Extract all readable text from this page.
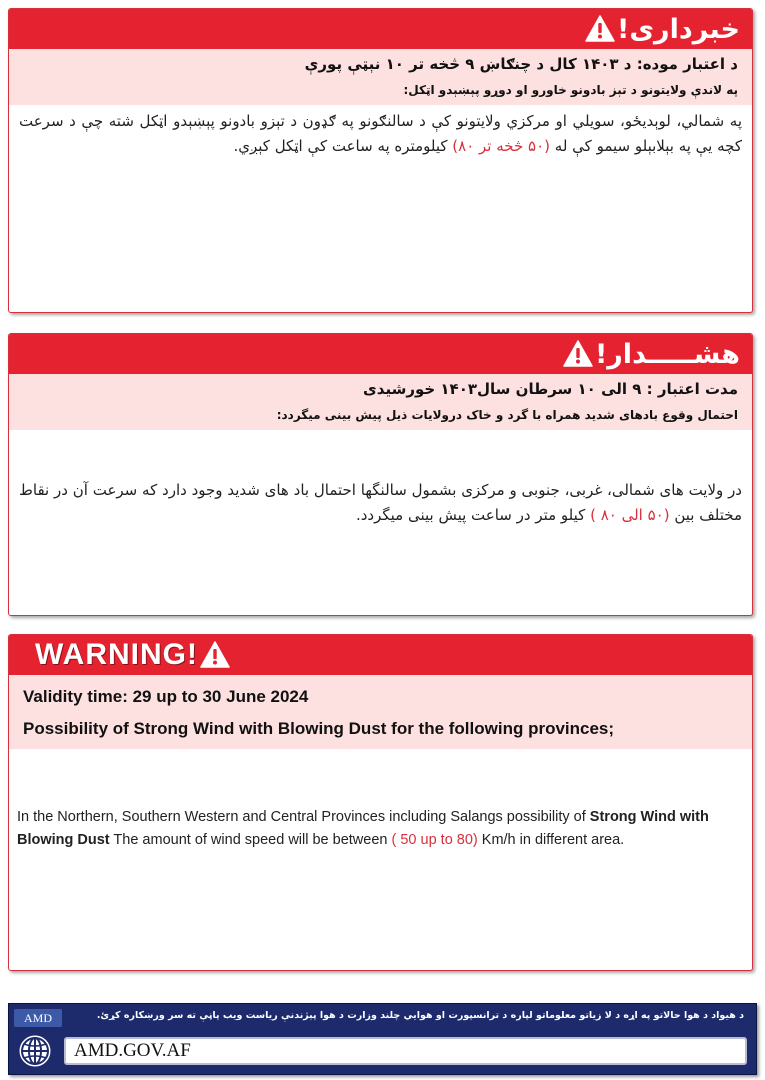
خبرداری!
د اعتبار موده: د ۱۴۰۳ کال د چنګاښ ۹ څخه تر ۱۰ نېټې پورې
په لاندې ولایتونو د تېز بادونو خاورو او دوړو پېښېدو اټکل:

په شمالي، لوېدیځو، سویلي او مرکزي ولایتونو کې د سالنګونو په ګډون د تېزو بادونو پېښېدو اټکل شته چې د سرعت کچه یې په بېلابېلو سیمو کې له (۵۰ څخه تر ۸۰) کیلومتره په ساعت کې اټکل کېږي.

هشـــــدار!
مدت اعتبار : ۹ الی ۱۰ سرطان سال۱۴۰۳ خورشیدی
احتمال وقوع بادهای شدید همراه با گرد و خاک درولایات ذیل پیش بینی میگردد:

در ولایت های شمالی، غربی، جنوبی و مرکزی بشمول سالنگها احتمال باد های شدید وجود دارد که سرعت آن در نقاط مختلف بین (۵۰ الی ۸۰ ) کیلو متر در ساعت پیش بینی میگردد.

WARNING!
Validity time: 29 up to 30 June 2024
Possibility of Strong Wind with Blowing Dust for the following provinces;

In the Northern, Southern Western and Central Provinces including Salangs possibility of Strong Wind with Blowing Dust The amount of wind speed will be between ( 50 up to 80) Km/h in different area.

AMD	د هیواد د هوا حالاتو په اړه د لا زیاتو معلوماتو لپاره د ترانسپورت او هوایي چلند وزارت د هوا پېژندنې ریاست ویب پاڼې ته سر ورښکاره کړئ.
AMD.GOV.AF
